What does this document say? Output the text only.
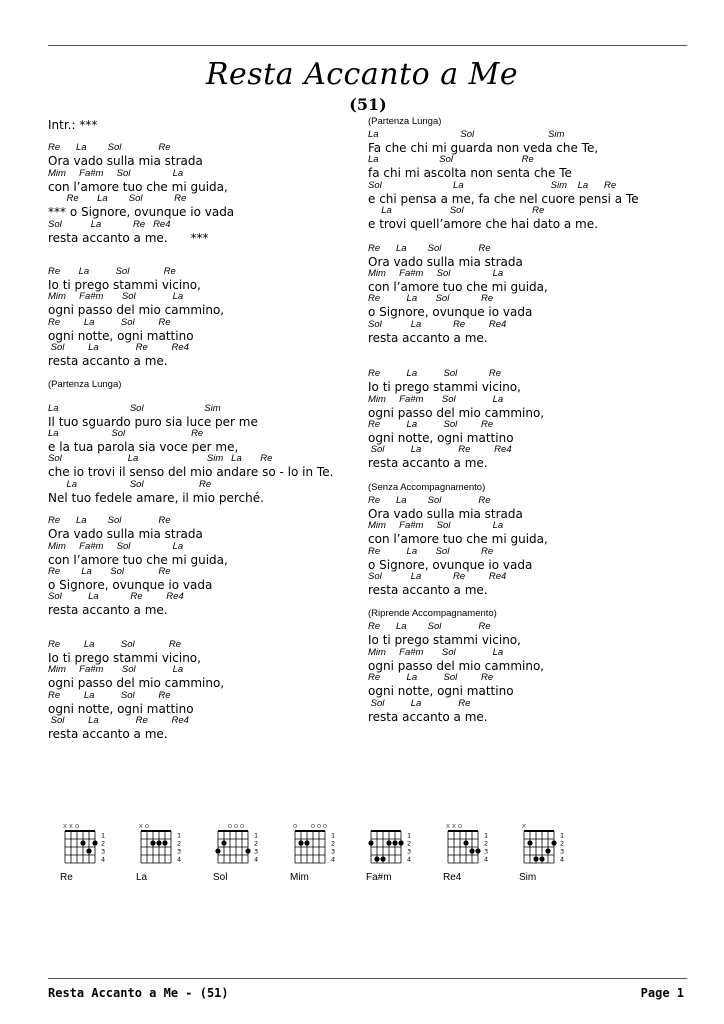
Resta Accanto a Me
(51)
Intr.: ***
Re      La        Sol              Re
Ora vado sulla mia strada
Mim     Fa#m     Sol                La
con l’amore tuo che mi guida,
Re       La        Sol            Re
*** o Signore, ovunque io vada
Sol           La            Re   Re4
resta accanto a me.      ***
Re       La          Sol             Re
Io ti prego stammi vicino,
Mim     Fa#m       Sol              La
ogni passo del mio cammino,
Re         La          Sol         Re
ogni notte, ogni mattino
Sol         La              Re         Re4
resta accanto a me.
(Partenza Lunga)
La                           Sol                       Sim
Il tuo sguardo puro sia luce per me
La                    Sol                         Re
e la tua parola sia voce per me,
Sol                         La                          Sim   La       Re
che io trovi il senso del mio andare so - lo in Te.
La                    Sol                     Re
Nel tuo fedele amare, il mio perché.
Re      La        Sol              Re
Ora vado sulla mia strada
Mim     Fa#m     Sol                La
con l’amore tuo che mi guida,
Re        La       Sol             Re
o Signore, ovunque io vada
Sol          La            Re         Re4
resta accanto a me.
Re         La          Sol             Re
Io ti prego stammi vicino,
Mim     Fa#m       Sol              La
ogni passo del mio cammino,
Re         La          Sol         Re
ogni notte, ogni mattino
Sol         La              Re         Re4
resta accanto a me.
(Partenza Lunga)
La                               Sol                            Sim
Fa che chi mi guarda non veda che Te,
La                       Sol                          Re
fa chi mi ascolta non senta che Te
Sol                           La                                 Sim    La      Re
e chi pensa a me, fa che nel cuore pensi a Te
La                      Sol                          Re
e trovi quell’amore che hai dato a me.
Re      La        Sol              Re
Ora vado sulla mia strada
Mim     Fa#m     Sol                La
con l’amore tuo che mi guida,
Re          La       Sol            Re
o Signore, ovunque io vada
Sol           La            Re         Re4
resta accanto a me.
Re          La          Sol            Re
Io ti prego stammi vicino,
Mim     Fa#m       Sol              La
ogni passo del mio cammino,
Re          La          Sol         Re
ogni notte, ogni mattino
Sol          La              Re         Re4
resta accanto a me.
(Senza Accompagnamento)
Re      La        Sol              Re
Ora vado sulla mia strada
Mim     Fa#m     Sol                La
con l’amore tuo che mi guida,
Re          La       Sol            Re
o Signore, ovunque io vada
Sol           La            Re         Re4
resta accanto a me.
(Riprende Accompagnamento)
Re      La        Sol              Re
Io ti prego stammi vicino,
Mim     Fa#m       Sol              La
ogni passo del mio cammino,
Re          La          Sol         Re
ogni notte, ogni mattino
Sol          La              Re
resta accanto a me.
x x o
1
2
3
4
Re
x o
1
2
3
4
La
o o o
1
2
3
4
Sol
o o o o
1
2
3
4
Mim
1
2
3
4
Fa#m
x x o
1
2
3
4
Re4
x
1
2
3
4
Sim
Resta Accanto a Me - (51)	Page 1
